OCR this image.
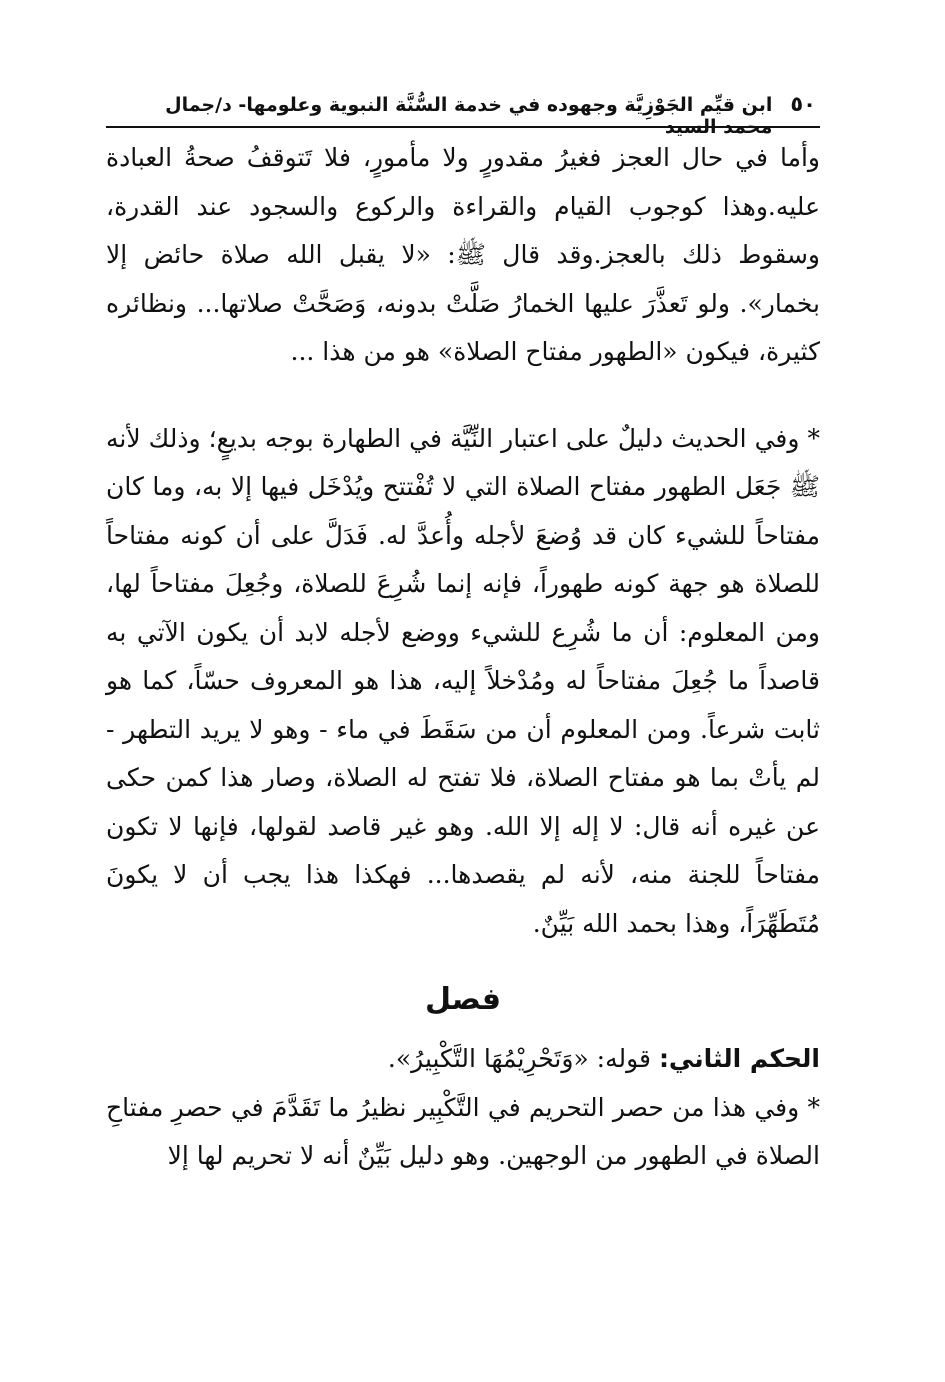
٥٠
ابن قيِّم الجَوْزِيَّة وجهوده في خدمة السُّنَّة النبوية وعلومها- د/جمال محمد السيد

وأما في حال العجز فغيرُ مقدورٍ ولا مأمورٍ، فلا تَتوقفُ صحةُ العبادة عليه.وهذا كوجوب القيام والقراءة والركوع والسجود عند القدرة، وسقوط ذلك بالعجز.وقد قال ﷺ: «لا يقبل الله صلاة حائض إلا بخمار». ولو تَعذَّرَ عليها الخمارُ صَلَّتْ بدونه، وَصَحَّتْ صلاتها... ونظائره كثيرة، فيكون «الطهور مفتاح الصلاة» هو من هذا ...

* وفي الحديث دليلٌ على اعتبار النِّيَّة في الطهارة بوجه بديعٍ؛ وذلك لأنه ﷺ جَعَل الطهور مفتاح الصلاة التي لا تُفْتتح ويُدْخَل فيها إلا به، وما كان مفتاحاً للشيء كان قد وُضعَ لأجله وأُعدَّ له. فَدَلَّ على أن كونه مفتاحاً للصلاة هو جهة كونه طهوراً، فإنه إنما شُرِعَ للصلاة، وجُعِلَ مفتاحاً لها، ومن المعلوم: أن ما شُرِع للشيء ووضع لأجله لابد أن يكون الآتي به قاصداً ما جُعِلَ مفتاحاً له ومُدْخلاً إليه، هذا هو المعروف حسّاً، كما هو ثابت شرعاً. ومن المعلوم أن من سَقَطَ في ماء - وهو لا يريد التطهر - لم يأتْ بما هو مفتاح الصلاة، فلا تفتح له الصلاة، وصار هذا كمن حكى عن غيره أنه قال: لا إله إلا الله. وهو غير قاصد لقولها، فإنها لا تكون مفتاحاً للجنة منه، لأنه لم يقصدها... فهكذا هذا يجب أن لا يكونَ مُتَطَهِّرَاً، وهذا بحمد الله بَيِّنٌ.

فصل

الحكم الثاني: قوله: «وَتَحْرِيْمُهَا التَّكْبِيرُ».

* وفي هذا من حصر التحريم في التَّكْبِير نظيرُ ما تَقَدَّمَ في حصرِ مفتاحِ الصلاة في الطهور من الوجهين. وهو دليل بَيِّنٌ أنه لا تحريم لها إلا
